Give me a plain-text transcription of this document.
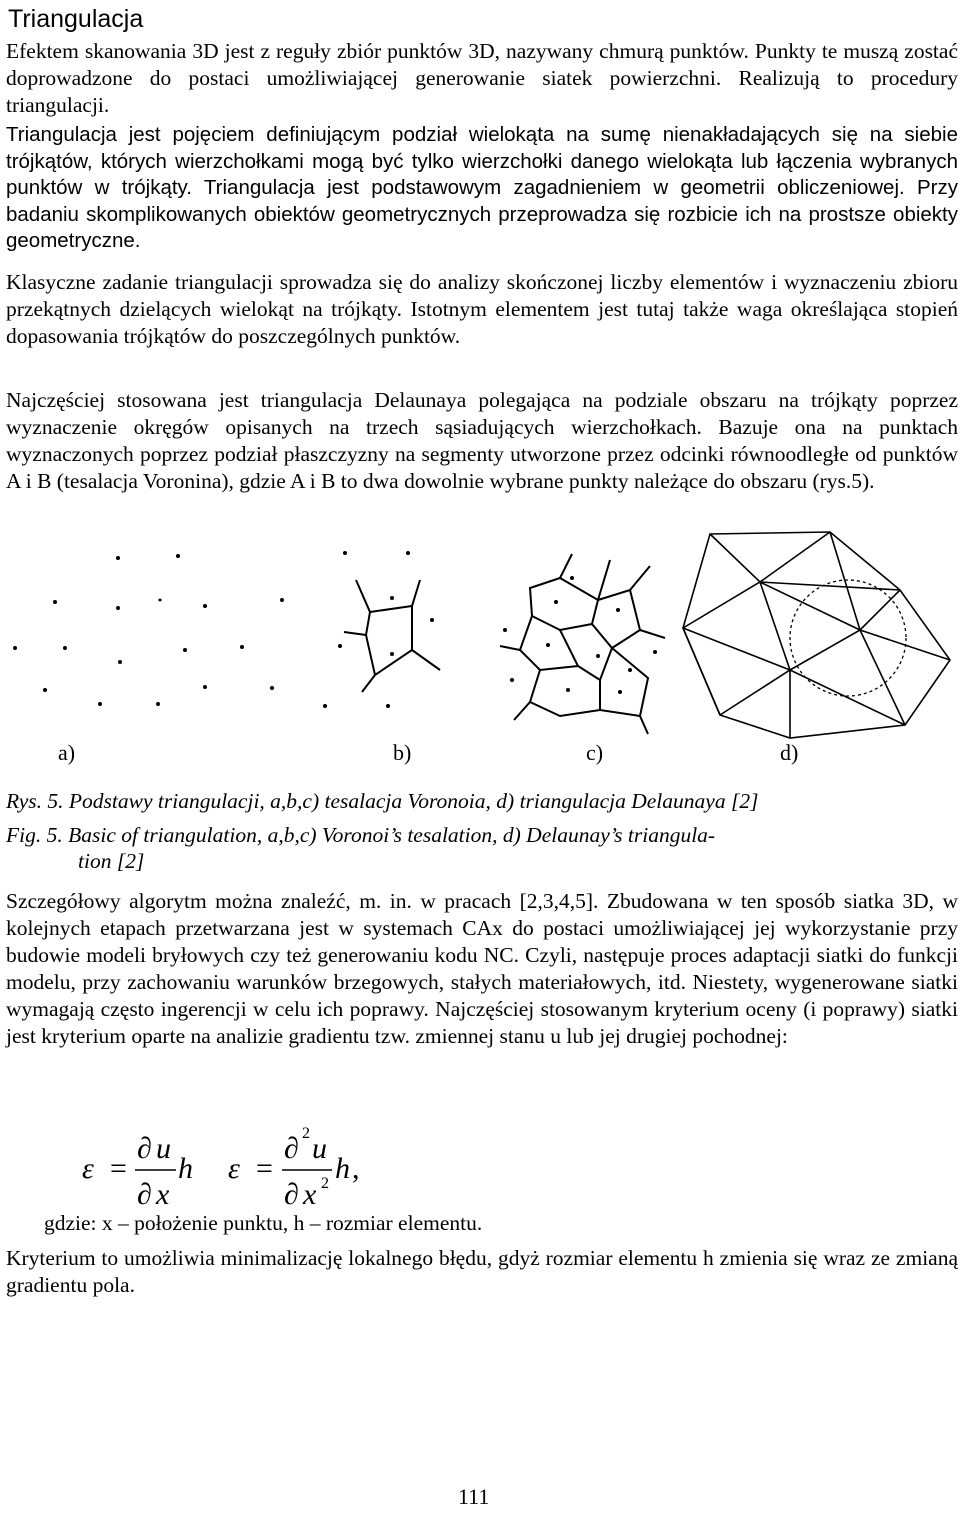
Triangulacja

Efektem skanowania 3D jest z reguły zbiór punktów 3D, nazywany chmurą punktów. Punkty te muszą zostać doprowadzone do postaci umożliwiającej generowanie siatek powierzchni. Realizują to procedury triangulacji.

Triangulacja jest pojęciem definiującym podział wielokąta na sumę nienakładających się na siebie trójkątów, których wierzchołkami mogą być tylko wierzchołki danego wielokąta lub łączenia wybranych punktów w trójkąty. Triangulacja jest podstawowym zagadnieniem w geometrii obliczeniowej. Przy badaniu skomplikowanych obiektów geometrycznych przeprowadza się rozbicie ich na prostsze obiekty geometryczne.

Klasyczne zadanie triangulacji sprowadza się do analizy skończonej liczby elementów i wyznaczeniu zbioru przekątnych dzielących wielokąt na trójkąty. Istotnym elementem jest tutaj także waga określająca stopień dopasowania trójkątów do poszczególnych punktów.

Najczęściej stosowana jest triangulacja Delaunaya polegająca na podziale obszaru na trójkąty poprzez wyznaczenie okręgów opisanych na trzech sąsiadujących wierzchołkach. Bazuje ona na punktach wyznaczonych poprzez podział płaszczyzny na segmenty utworzone przez odcinki równoodległe od punktów A i B (tesalacja Voronina), gdzie A i B to dwa dowolnie wybrane punkty należące do obszaru (rys.5).

a)	b)	c)	d)

Rys. 5. Podstawy triangulacji, a,b,c) tesalacja Voronoia, d) triangulacja Delaunaya [2]

Fig. 5. Basic of triangulation, a,b,c) Voronoi’s tesalation, d) Delaunay’s triangula-

tion [2]

Szczegółowy algorytm można znaleźć, m. in. w pracach [2,3,4,5]. Zbudowana w ten sposób siatka 3D, w kolejnych etapach przetwarzana jest w systemach CAx do postaci umożliwiającej jej wykorzystanie przy budowie modeli bryłowych czy też generowaniu kodu NC. Czyli, następuje proces adaptacji siatki do funkcji modelu, przy zachowaniu warunków brzegowych, stałych materiałowych, itd. Niestety, wygenerowane siatki wymagają często ingerencji w celu ich poprawy. Najczęściej stosowanym kryterium oceny (i poprawy) siatki jest kryterium oparte na analizie gradientu tzw. zmiennej stanu u lub jej drugiej pochodnej:

ε =
∂ u
∂ x
h ε =
∂ u
∂ x
h ,
2
2

gdzie: x – położenie punktu, h – rozmiar elementu.

Kryterium to umożliwia minimalizację lokalnego błędu, gdyż rozmiar elementu h zmienia się wraz ze zmianą gradientu pola.

111
